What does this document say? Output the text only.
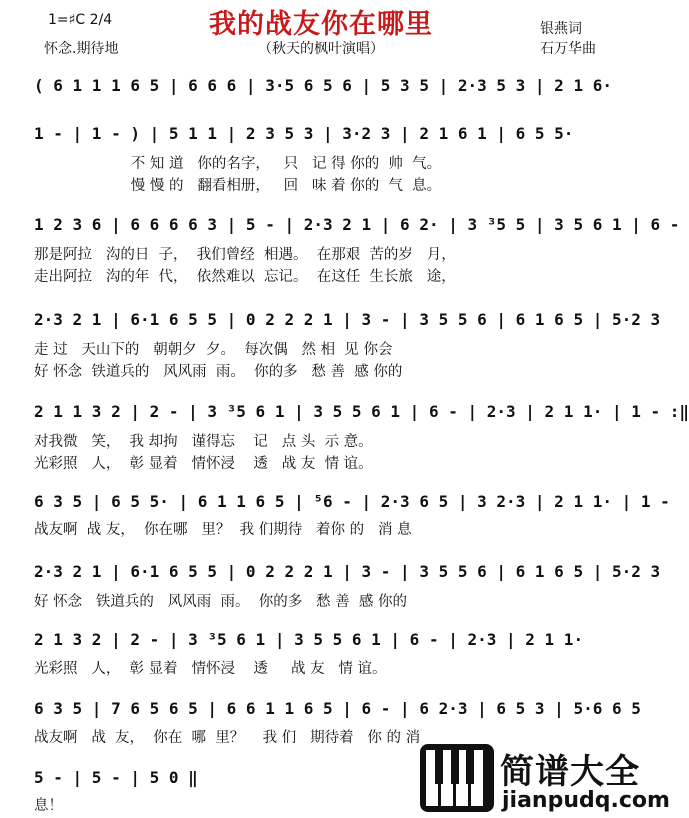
1=♯C 2/4	我的战友你在哪里	银燕词
怀念.期待地	（秋天的枫叶演唱）	石万华曲
( 6 1 1 1 6 5 | 6 6 6 | 3·5 6 5 6 | 5 3 5 | 2·3 5 3 | 2 1 6·
1 - | 1 - ) | 5 1 1 | 2 3 5 3 | 3·2 3 | 2 1 6 1 | 6 5 5·
不 知 道   你的名字，   只   记 得 你的  帅  气。
慢 慢 的   翻看相册，   回   味 着 你的  气  息。
1 2 3 6 | 6 6 6 6 3 | 5 - | 2·3 2 1 | 6 2· | 3 ³5 5 | 3 5 6 1 | 6 -
那是阿拉   沟的日  子，  我们曾经  相遇。  在那艰  苦的岁   月，
走出阿拉   沟的年  代，  依然难以  忘记。  在这任  生长旅   途，
2·3 2 1 | 6·1 6 5 5 | 0 2 2 2 1 | 3 - | 3 5 5 6 | 6 1 6 5 | 5·2 3
走 过   天山下的   朝朝夕  夕。  每次偶   然 相  见 你会
好 怀念  铁道兵的   风风雨  雨。  你的多   愁 善  感 你的
2 1 1 3 2 | 2 - | 3 ³5 6 1 | 3 5 5 6 1 | 6 - | 2·3 | 2 1 1· | 1 - :‖
对我微   笑，  我 却拘   谨得忘    记   点 头  示 意。
光彩照   人，  彰 显着   情怀浸    透   战 友  情 谊。
6 3 5 | 6 5 5· | 6 1 1 6 5 | ⁵6 - | 2·3 6 5 | 3 2·3 | 2 1 1· | 1 -
战友啊  战 友，  你在哪   里？  我 们期待   着你 的   消 息
2·3 2 1 | 6·1 6 5 5 | 0 2 2 2 1 | 3 - | 3 5 5 6 | 6 1 6 5 | 5·2 3
好 怀念   铁道兵的   风风雨  雨。  你的多   愁 善  感 你的
2 1 3 2 | 2 - | 3 ³5 6 1 | 3 5 5 6 1 | 6 - | 2·3 | 2 1 1·
光彩照   人，  彰 显着   情怀浸    透     战 友   情 谊。
6 3 5 | 7 6 5 6 5 | 6 6 1 1 6 5 | 6 - | 6 2·3 | 6 5 3 | 5·6 6 5
战友啊   战  友，  你在  哪  里？    我 们   期待着   你 的 消
5 - | 5 - | 5 0 ‖
息！
简谱大全
jianpudq.com
